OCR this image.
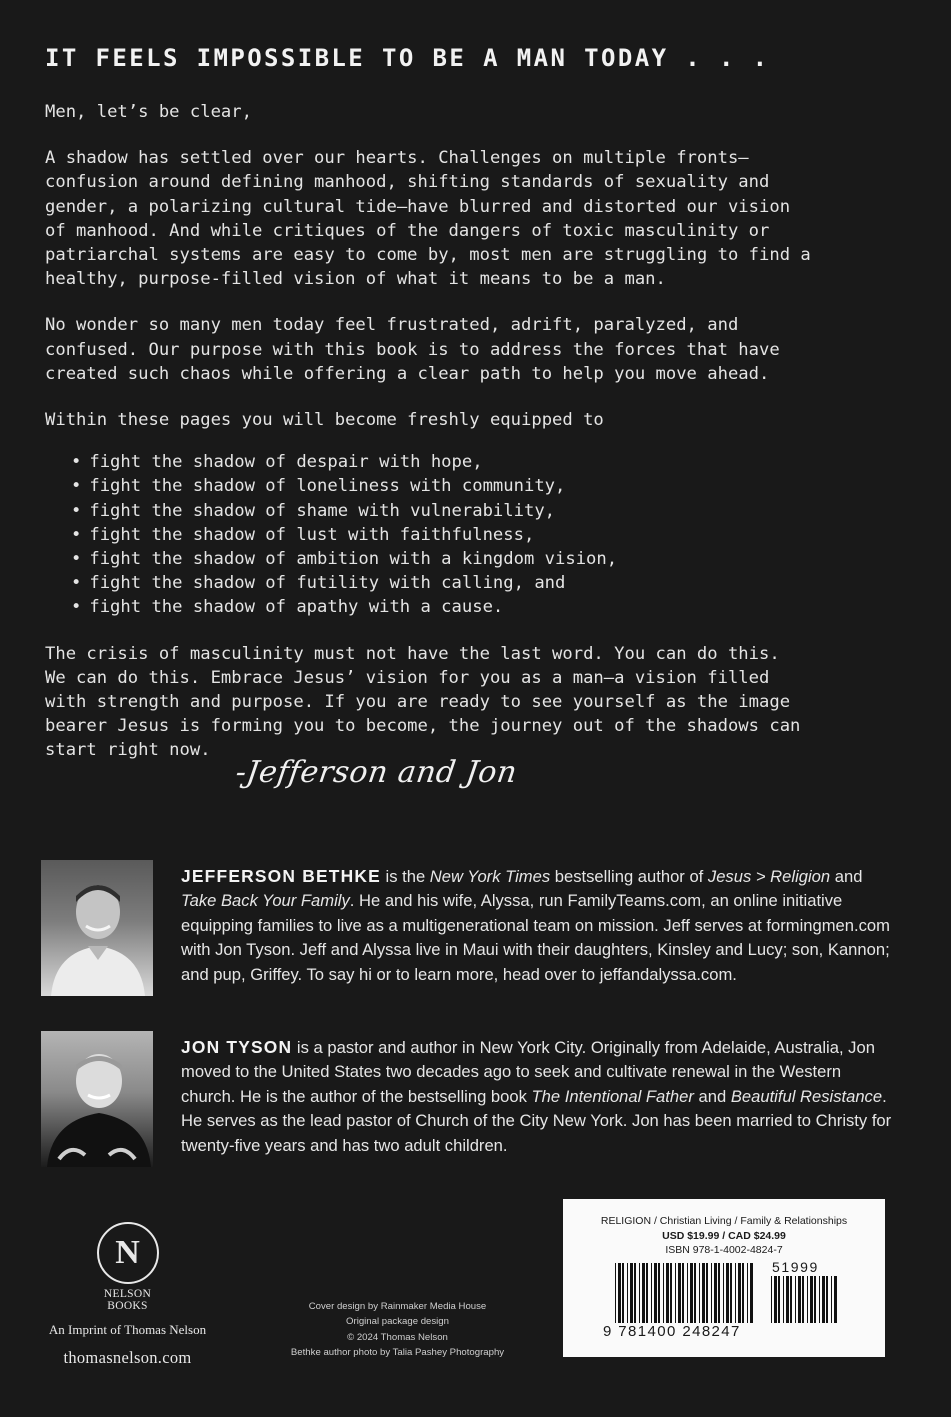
IT FEELS IMPOSSIBLE TO BE A MAN TODAY . . .

Men, let’s be clear,

A shadow has settled over our hearts. Challenges on multiple fronts—
confusion around defining manhood, shifting standards of sexuality and
gender, a polarizing cultural tide—have blurred and distorted our vision
of manhood. And while critiques of the dangers of toxic masculinity or
patriarchal systems are easy to come by, most men are struggling to find a
healthy, purpose-filled vision of what it means to be a man.

No wonder so many men today feel frustrated, adrift, paralyzed, and
confused. Our purpose with this book is to address the forces that have
created such chaos while offering a clear path to help you move ahead.

Within these pages you will become freshly equipped to

• fight the shadow of despair with hope,
• fight the shadow of loneliness with community,
• fight the shadow of shame with vulnerability,
• fight the shadow of lust with faithfulness,
• fight the shadow of ambition with a kingdom vision,
• fight the shadow of futility with calling, and
• fight the shadow of apathy with a cause.

The crisis of masculinity must not have the last word. You can do this.
We can do this. Embrace Jesus’ vision for you as a man—a vision filled
with strength and purpose. If you are ready to see yourself as the image
bearer Jesus is forming you to become, the journey out of the shadows can
start right now.

-Jefferson and Jon
JEFFERSON BETHKE is the New York Times bestselling author of Jesus > Religion and Take Back Your Family. He and his wife, Alyssa, run FamilyTeams.com, an online initiative equipping families to live as a multigenerational team on mission. Jeff serves at formingmen.com with Jon Tyson. Jeff and Alyssa live in Maui with their daughters, Kinsley and Lucy; son, Kannon; and pup, Griffey. To say hi or to learn more, head over to jeffandalyssa.com.
JON TYSON is a pastor and author in New York City. Originally from Adelaide, Australia, Jon moved to the United States two decades ago to seek and cultivate renewal in the Western church. He is the author of the bestselling book The Intentional Father and Beautiful Resistance. He serves as the lead pastor of Church of the City New York. Jon has been married to Christy for twenty-five years and has two adult children.
N
NELSON
BOOKS
An Imprint of Thomas Nelson
thomasnelson.com
Cover design by Rainmaker Media House
Original package design
© 2024 Thomas Nelson
Bethke author photo by Talia Pashey Photography
RELIGION / Christian Living / Family & Relationships
USD $19.99 / CAD $24.99
ISBN 978-1-4002-4824-7
9 781400 248247
51999
